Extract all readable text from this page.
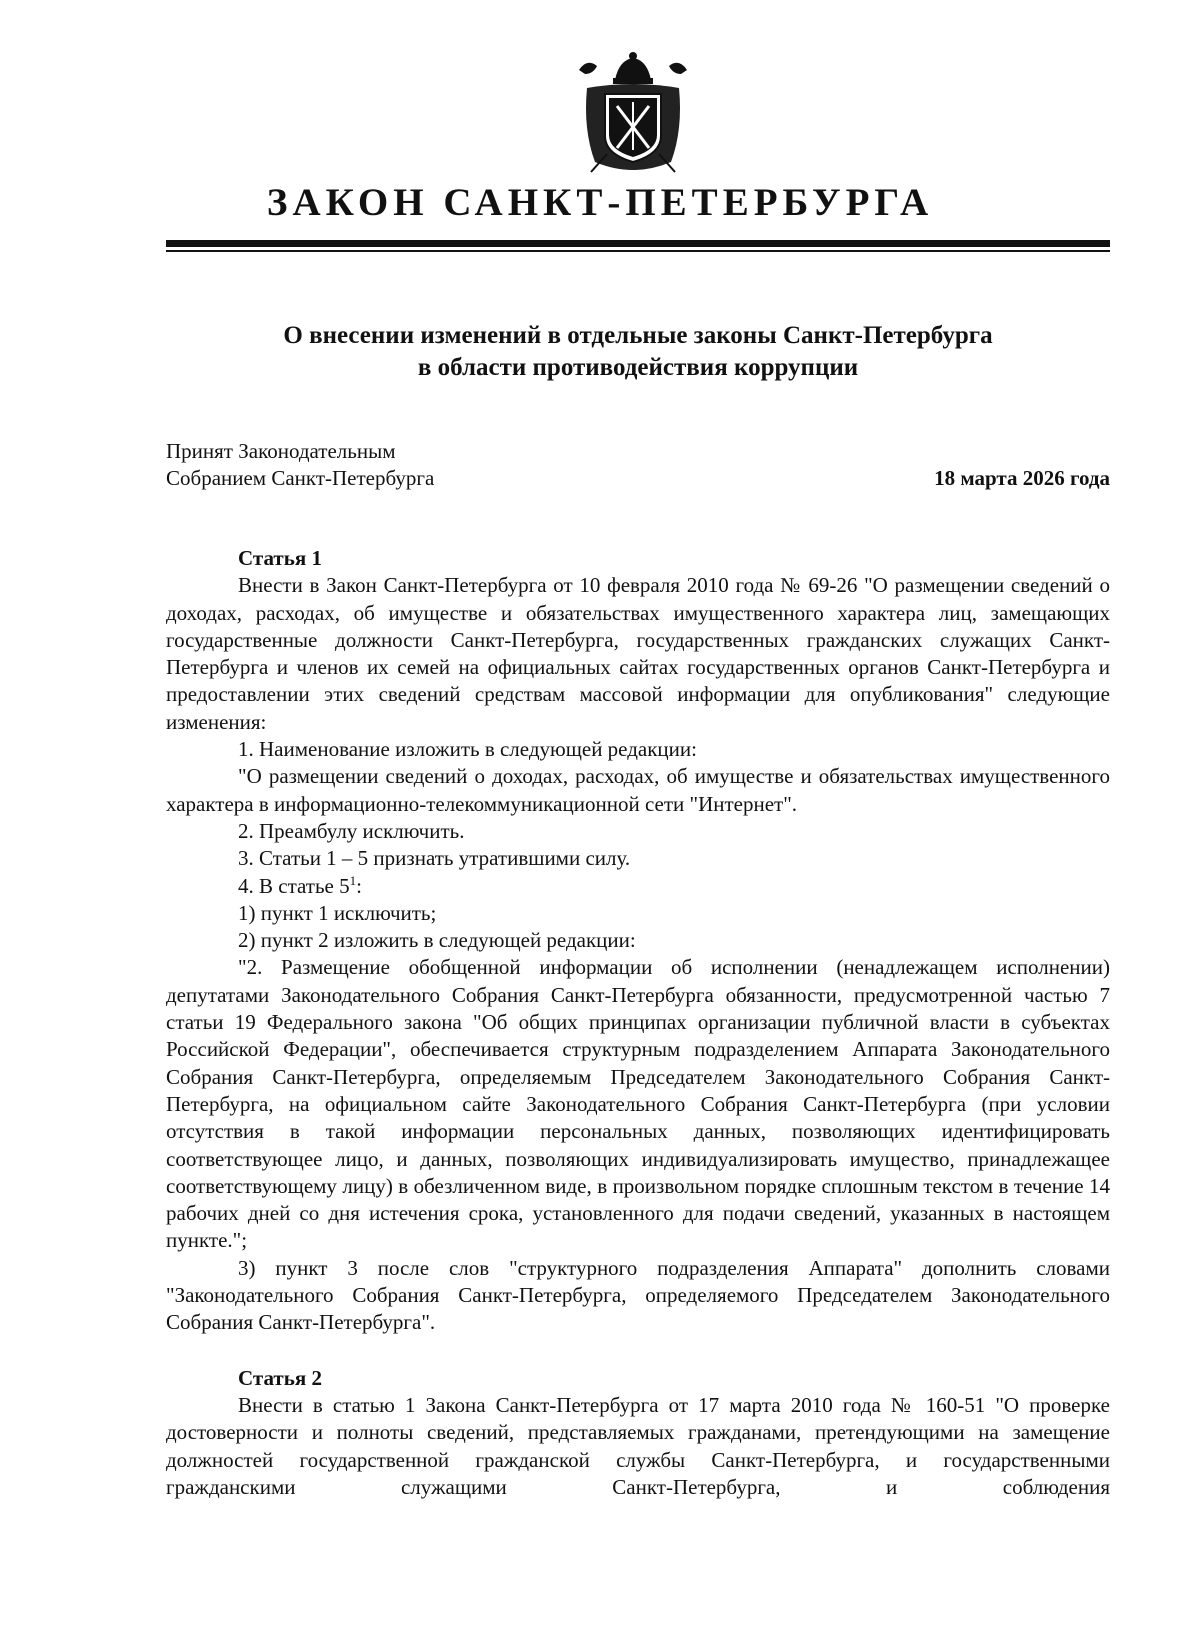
ЗАКОН САНКТ-ПЕТЕРБУРГА
О внесении изменений в отдельные законы Санкт-Петербурга
в области противодействия коррупции
Принят Законодательным
Собранием Санкт-Петербурга	18 марта 2026 года

Статья 1

Внести в Закон Санкт-Петербурга от 10 февраля 2010 года № 69-26 "О размещении сведений о доходах, расходах, об имуществе и обязательствах имущественного характера лиц, замещающих государственные должности Санкт-Петербурга, государственных гражданских служащих Санкт-Петербурга и членов их семей на официальных сайтах государственных органов Санкт-Петербурга и предоставлении этих сведений средствам массовой информации для опубликования" следующие изменения:

1. Наименование изложить в следующей редакции:

"О размещении сведений о доходах, расходах, об имуществе и обязательствах имущественного характера в информационно-телекоммуникационной сети "Интернет".

2. Преамбулу исключить.

3. Статьи 1 – 5 признать утратившими силу.

4. В статье $5^1$:

1) пункт 1 исключить;

2) пункт 2 изложить в следующей редакции:

"2. Размещение обобщенной информации об исполнении (ненадлежащем исполнении) депутатами Законодательного Собрания Санкт-Петербурга обязанности, предусмотренной частью 7 статьи 19 Федерального закона "Об общих принципах организации публичной власти в субъектах Российской Федерации", обеспечивается структурным подразделением Аппарата Законодательного Собрания Санкт-Петербурга, определяемым Председателем Законодательного Собрания Санкт-Петербурга, на официальном сайте Законодательного Собрания Санкт-Петербурга (при условии отсутствия в такой информации персональных данных, позволяющих идентифицировать соответствующее лицо, и данных, позволяющих индивидуализировать имущество, принадлежащее соответствующему лицу) в обезличенном виде, в произвольном порядке сплошным текстом в течение 14 рабочих дней со дня истечения срока, установленного для подачи сведений, указанных в настоящем пункте.";

3) пункт 3 после слов "структурного подразделения Аппарата" дополнить словами "Законодательного Собрания Санкт-Петербурга, определяемого Председателем Законодательного Собрания Санкт-Петербурга".

Статья 2

Внести в статью 1 Закона Санкт-Петербурга от 17 марта 2010 года № 160-51 "О проверке достоверности и полноты сведений, представляемых гражданами, претендующими на замещение должностей государственной гражданской службы Санкт-Петербурга, и государственными гражданскими служащими Санкт-Петербурга, и соблюдения
